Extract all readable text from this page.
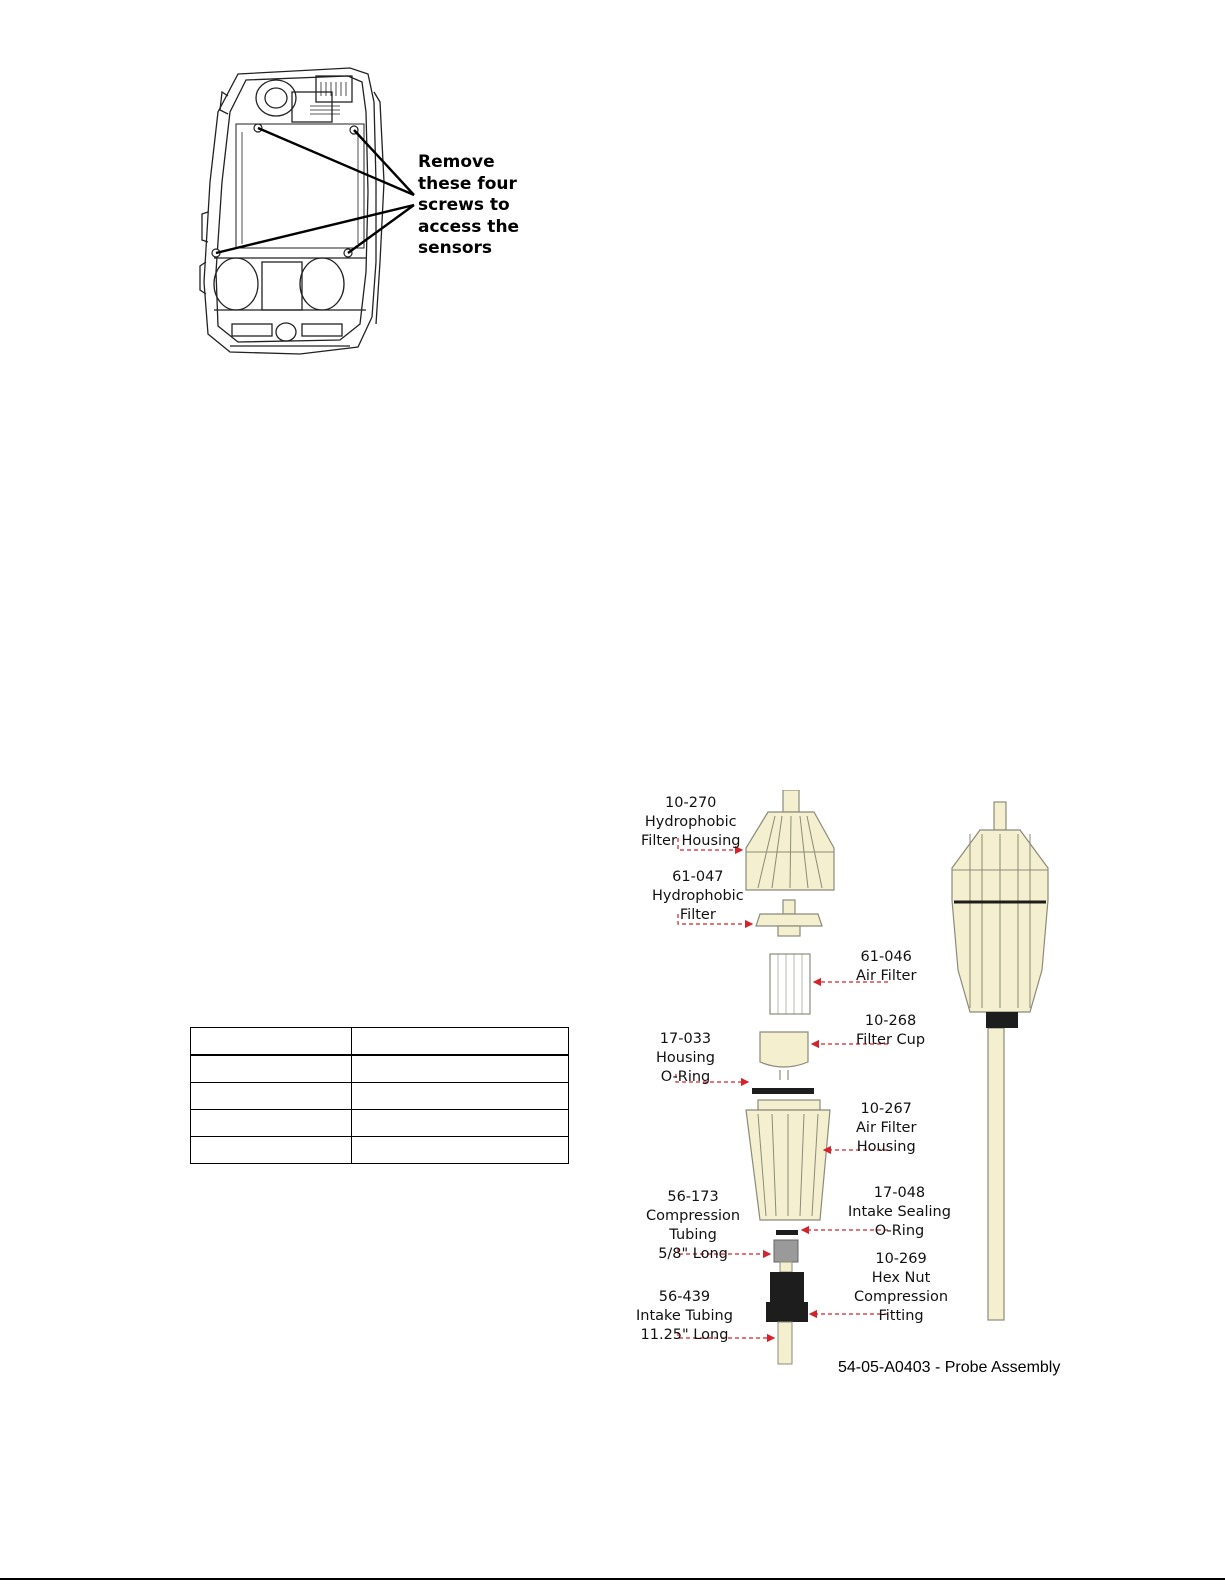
Remove
these four
screws to
access the
sensors

10-270
Hydrophobic
Filter Housing
61-047
Hydrophobic
Filter
61-046
Air Filter
10-268
Filter Cup
17-033
Housing
O-Ring
10-267
Air Filter
Housing
17-048
Intake Sealing
O-Ring
56-173
Compression
Tubing
5/8" Long	10-269
Hex Nut
Compression
Fitting
56-439
Intake Tubing
11.25" Long
54-05-A0403 - Probe Assembly
